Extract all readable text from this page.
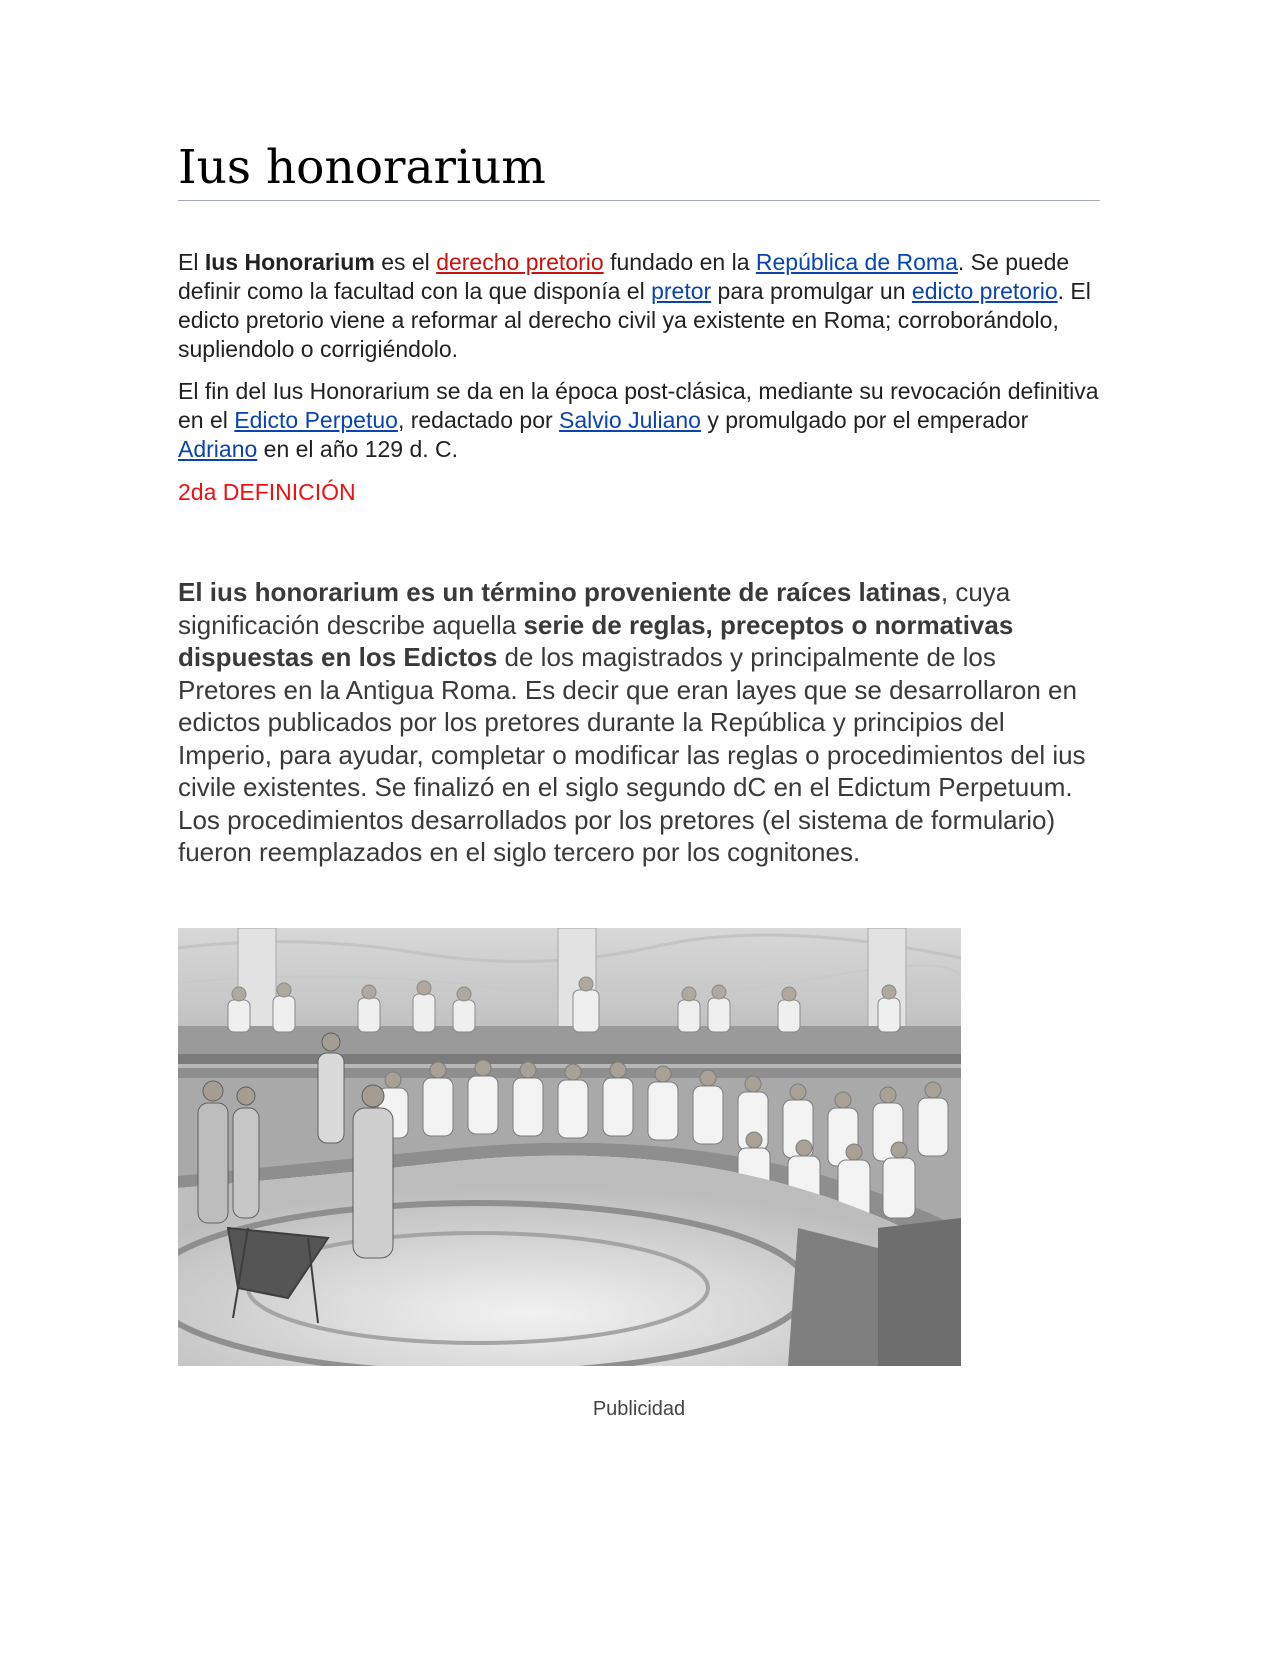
Ius honorarium

El Ius Honorarium es el derecho pretorio fundado en la República de Roma. Se puede definir como la facultad con la que disponía el pretor para promulgar un edicto pretorio. El edicto pretorio viene a reformar al derecho civil ya existente en Roma; corroborándolo, supliendolo o corrigiéndolo.

El fin del Ius Honorarium se da en la época post-clásica, mediante su revocación definitiva en el Edicto Perpetuo, redactado por Salvio Juliano y promulgado por el emperador Adriano en el año 129 d. C.

2da DEFINICIÓN

El ius honorarium es un término proveniente de raíces latinas, cuya significación describe aquella serie de reglas, preceptos o normativas dispuestas en los Edictos de los magistrados y principalmente de los Pretores en la Antigua Roma. Es decir que eran layes que se desarrollaron en edictos publicados por los pretores durante la República y principios del Imperio, para ayudar, completar o modificar las reglas o procedimientos del ius civile existentes. Se finalizó en el siglo segundo dC en el Edictum Perpetuum. Los procedimientos desarrollados por los pretores (el sistema de formulario) fueron reemplazados en el siglo tercero por los cognitones.

Publicidad
